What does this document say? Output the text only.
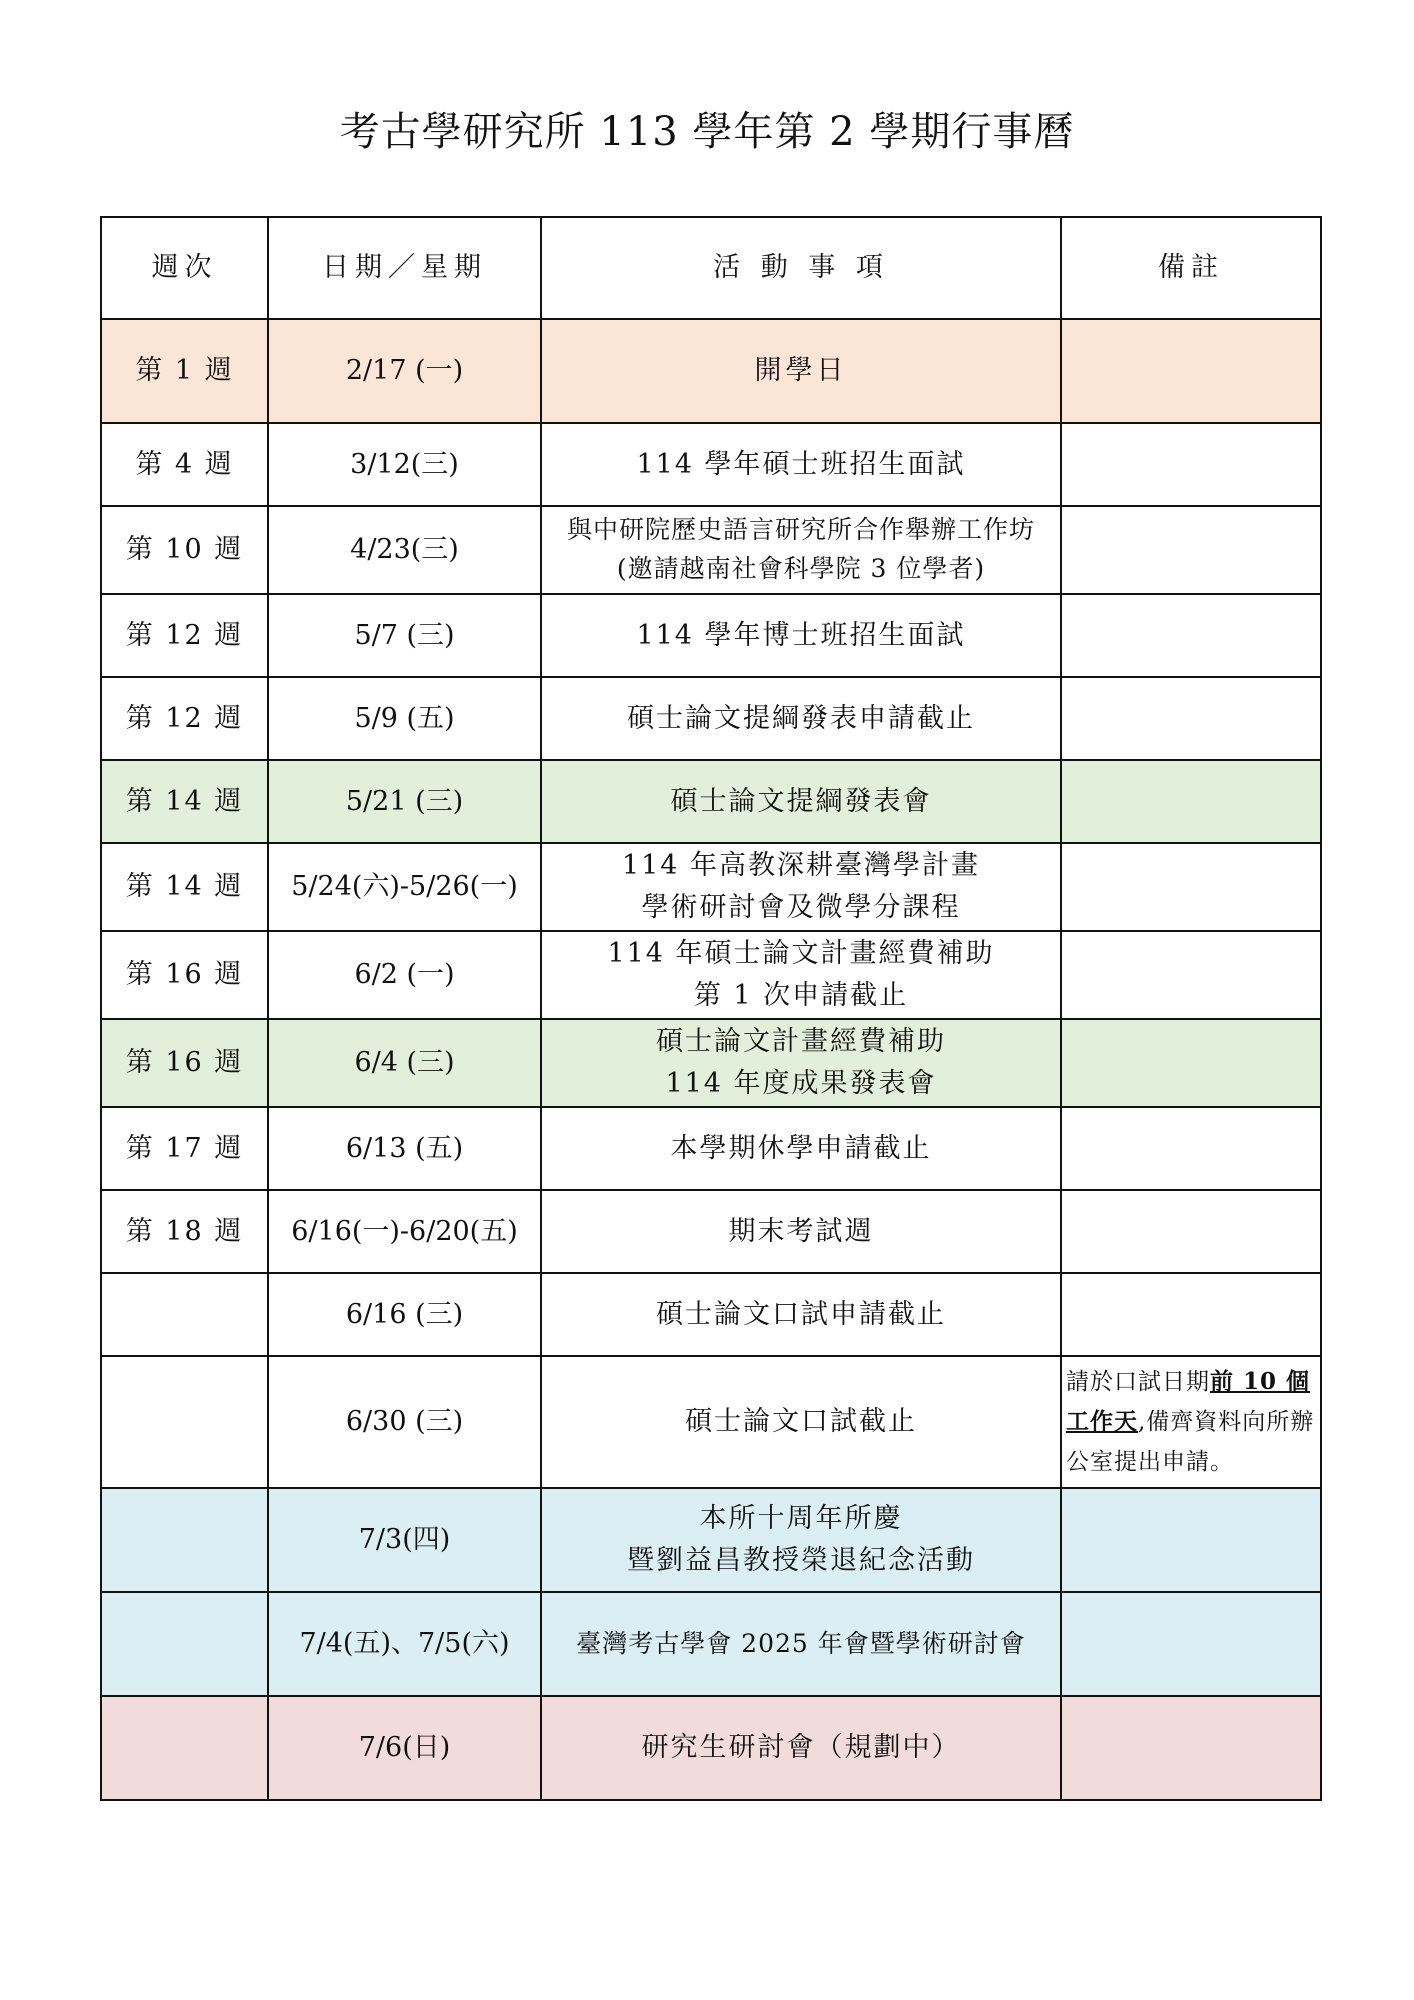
考古學研究所 113 學年第 2 學期行事曆
週次	日期／星期	活 動 事 項	備註
第 1 週	2/17 (一)	開學日	
第 4 週	3/12(三)	114 學年碩士班招生面試	
第 10 週	4/23(三)	與中研院歷史語言研究所合作舉辦工作坊
(邀請越南社會科學院 3 位學者)	

第 12 週	5/7 (三)	114 學年博士班招生面試	
第 12 週	5/9 (五)	碩士論文提綱發表申請截止	
第 14 週	5/21 (三)	碩士論文提綱發表會	
第 14 週	5/24(六)-5/26(一)	114 年高教深耕臺灣學計畫
學術研討會及微學分課程	

第 16 週	6/2 (一)	114 年碩士論文計畫經費補助
第 1 次申請截止	

第 16 週	6/4 (三)	碩士論文計畫經費補助
114 年度成果發表會	

第 17 週	6/13 (五)	本學期休學申請截止	
第 18 週	6/16(一)-6/20(五)	期末考試週	
	6/16 (三)	碩士論文口試申請截止	
	6/30 (三)	碩士論文口試截止	請於口試日期前 10 個
工作天,備齊資料向所辦公室提出申請。
	7/3(四)	本所十周年所慶
暨劉益昌教授榮退紀念活動	

	7/4(五)、7/5(六)	臺灣考古學會 2025 年會暨學術研討會	
	7/6(日)	研究生研討會（規劃中）	
